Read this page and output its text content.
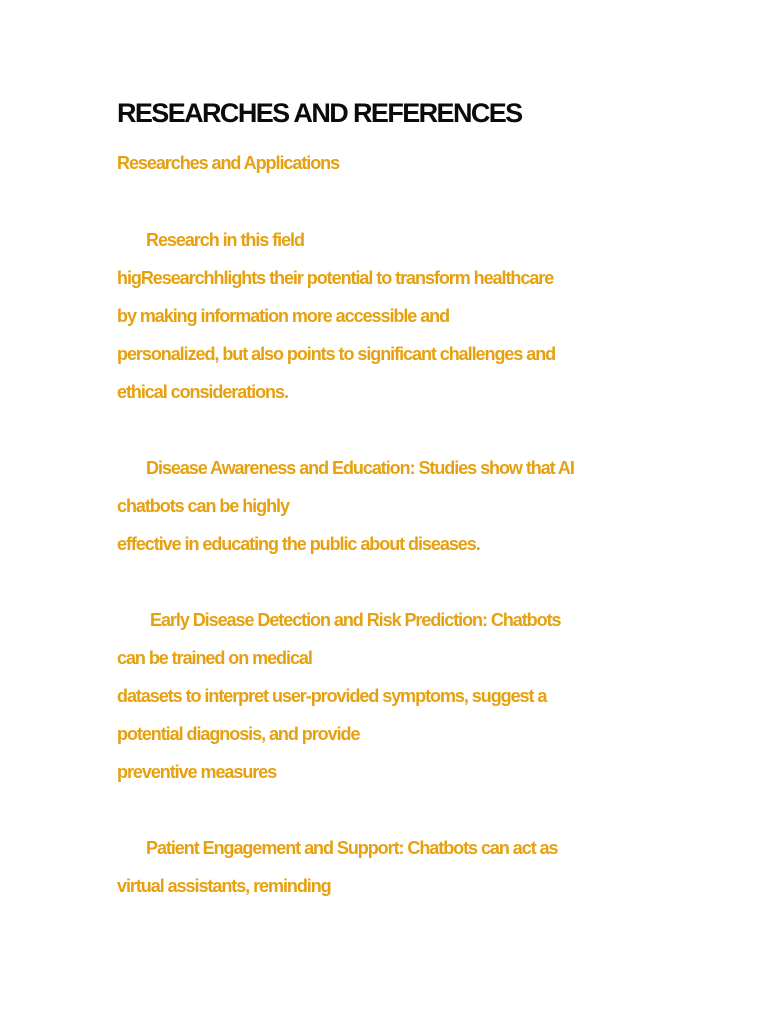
RESEARCHES AND REFERENCES

Researches and Applications

Research in this field

higResearchhlights their potential to transform healthcare

by making information more accessible and

personalized, but also points to significant challenges and

ethical considerations.

Disease Awareness and Education: Studies show that AI

chatbots can be highly

effective in educating the public about diseases.

Early Disease Detection and Risk Prediction: Chatbots

can be trained on medical

datasets to interpret user-provided symptoms, suggest a

potential diagnosis, and provide

preventive measures

Patient Engagement and Support: Chatbots can act as

virtual assistants, reminding
